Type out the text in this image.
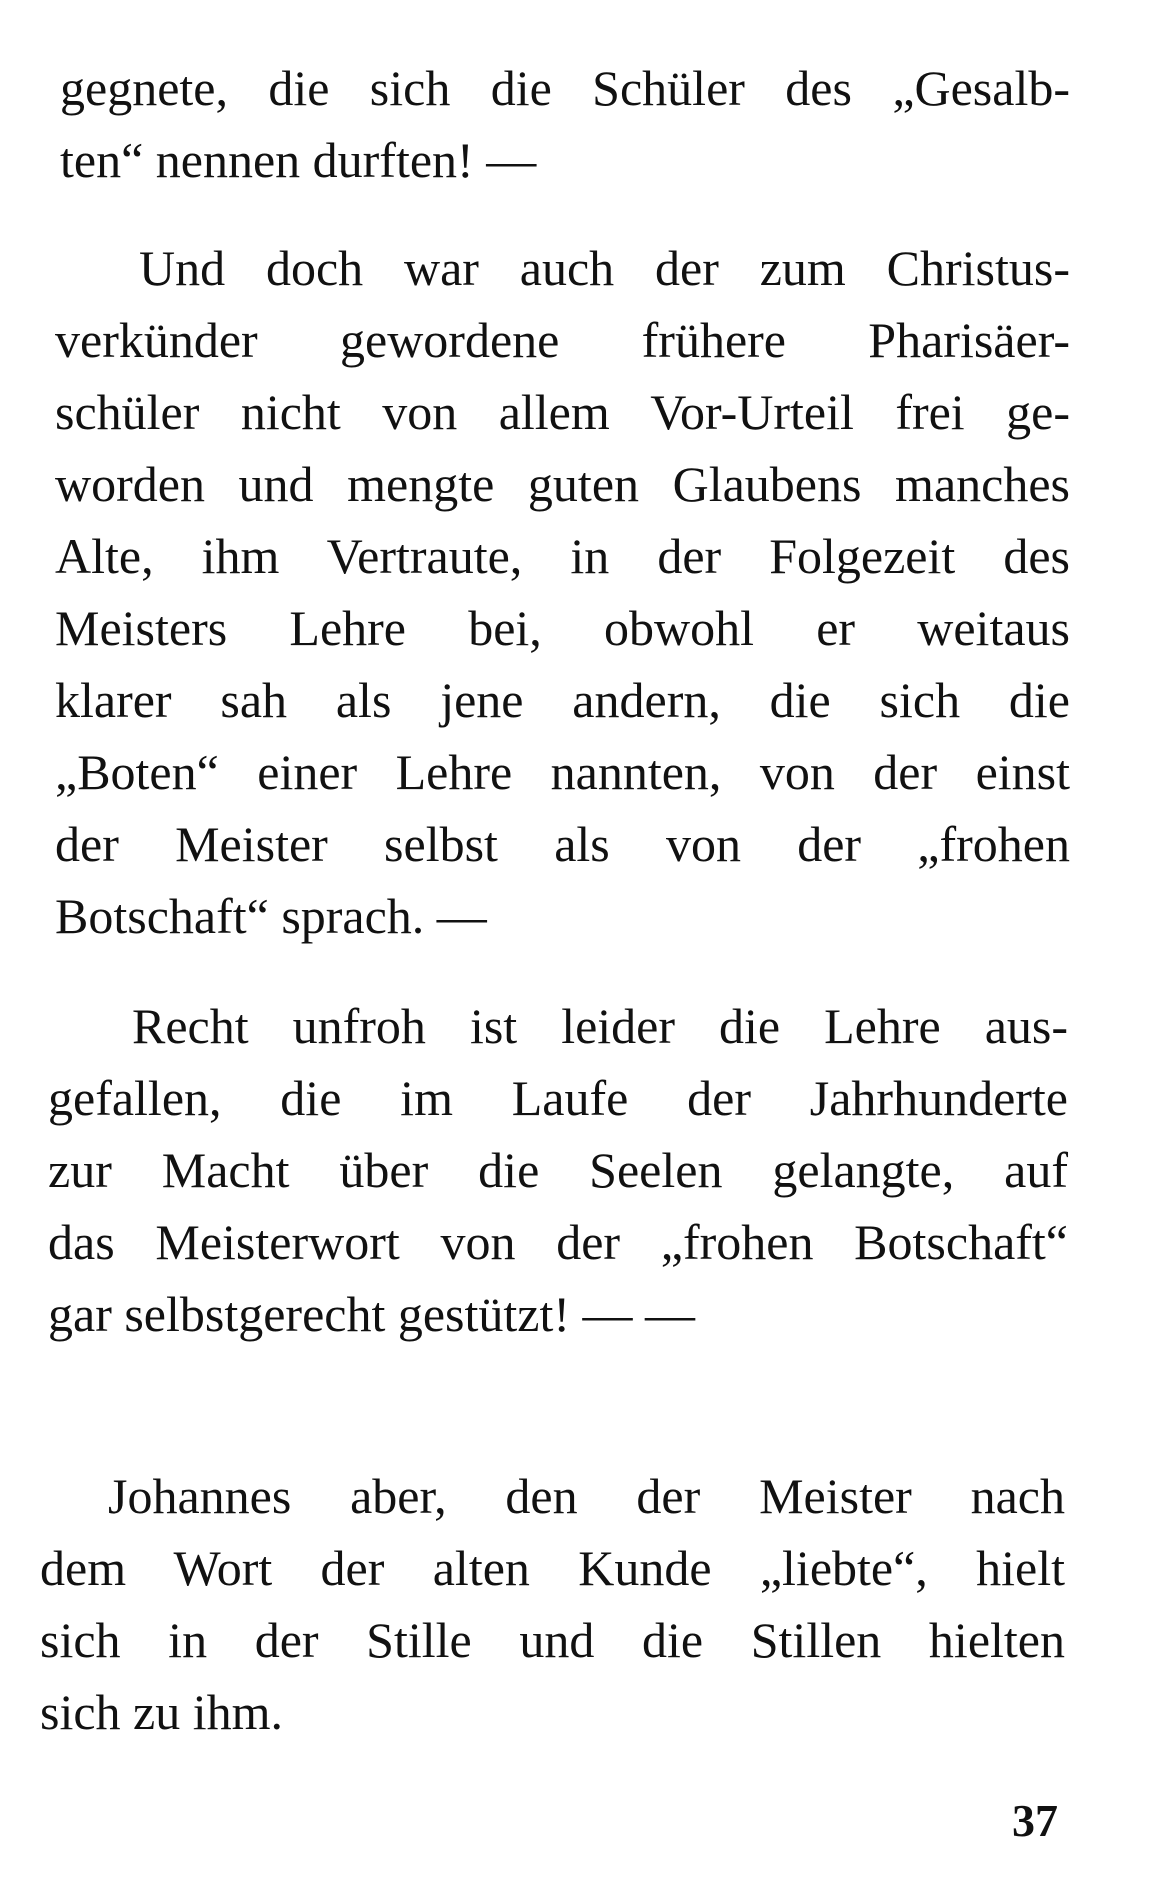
gegnete, die sich die Schüler des „Gesalb-
ten“ nennen durften! —
Und doch war auch der zum Christus-
verkünder gewordene frühere Pharisäer-
schüler nicht von allem Vor-Urteil frei ge-
worden und mengte guten Glaubens manches
Alte, ihm Vertraute, in der Folgezeit des
Meisters Lehre bei, obwohl er weitaus
klarer sah als jene andern, die sich die
„Boten“ einer Lehre nannten, von der einst
der Meister selbst als von der „frohen
Botschaft“ sprach. —
Recht unfroh ist leider die Lehre aus-
gefallen, die im Laufe der Jahrhunderte
zur Macht über die Seelen gelangte, auf
das Meisterwort von der „frohen Botschaft“
gar selbstgerecht gestützt! — —
Johannes aber, den der Meister nach
dem Wort der alten Kunde „liebte“, hielt
sich in der Stille und die Stillen hielten
sich zu ihm.
37
